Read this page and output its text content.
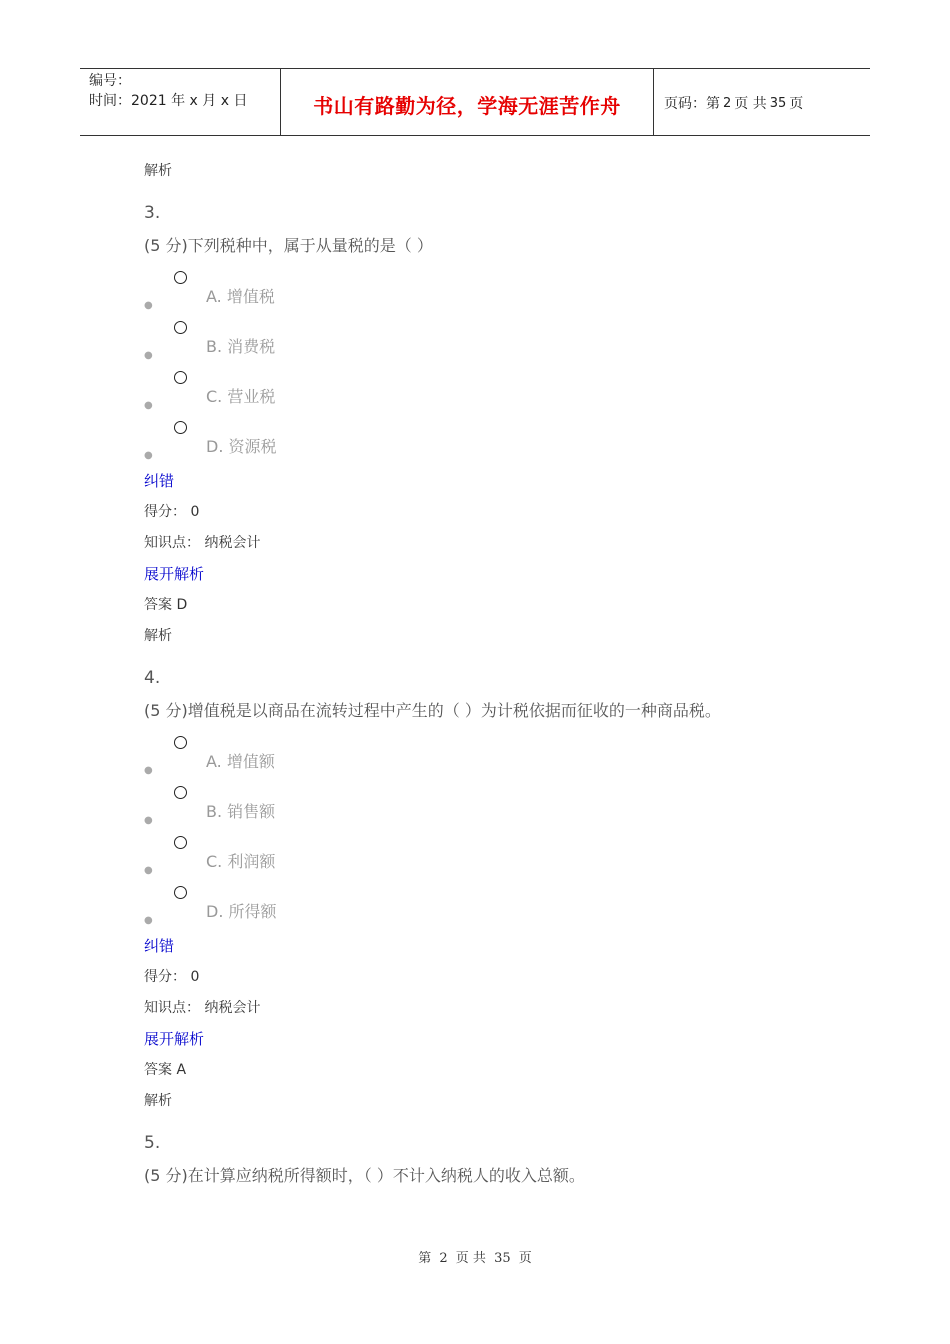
编号：
时间：2021 年 x 月 x 日	书山有路勤为径，学海无涯苦作舟	页码：第 2 页 共 35 页
解析
3.
(5 分)下列税种中，属于从量税的是（ ）
●	A. 增值税
●	B. 消费税
●	C. 营业税
●	D. 资源税
纠错
得分： 0
知识点： 纳税会计
展开解析
答案 D
解析
4.
(5 分)增值税是以商品在流转过程中产生的（ ）为计税依据而征收的一种商品税。
●	A. 增值额
●	B. 销售额
●	C. 利润额
●	D. 所得额
纠错
得分： 0
知识点： 纳税会计
展开解析
答案 A
解析
5.
(5 分)在计算应纳税所得额时，（ ）不计入纳税人的收入总额。
第 2 页 共 35 页
